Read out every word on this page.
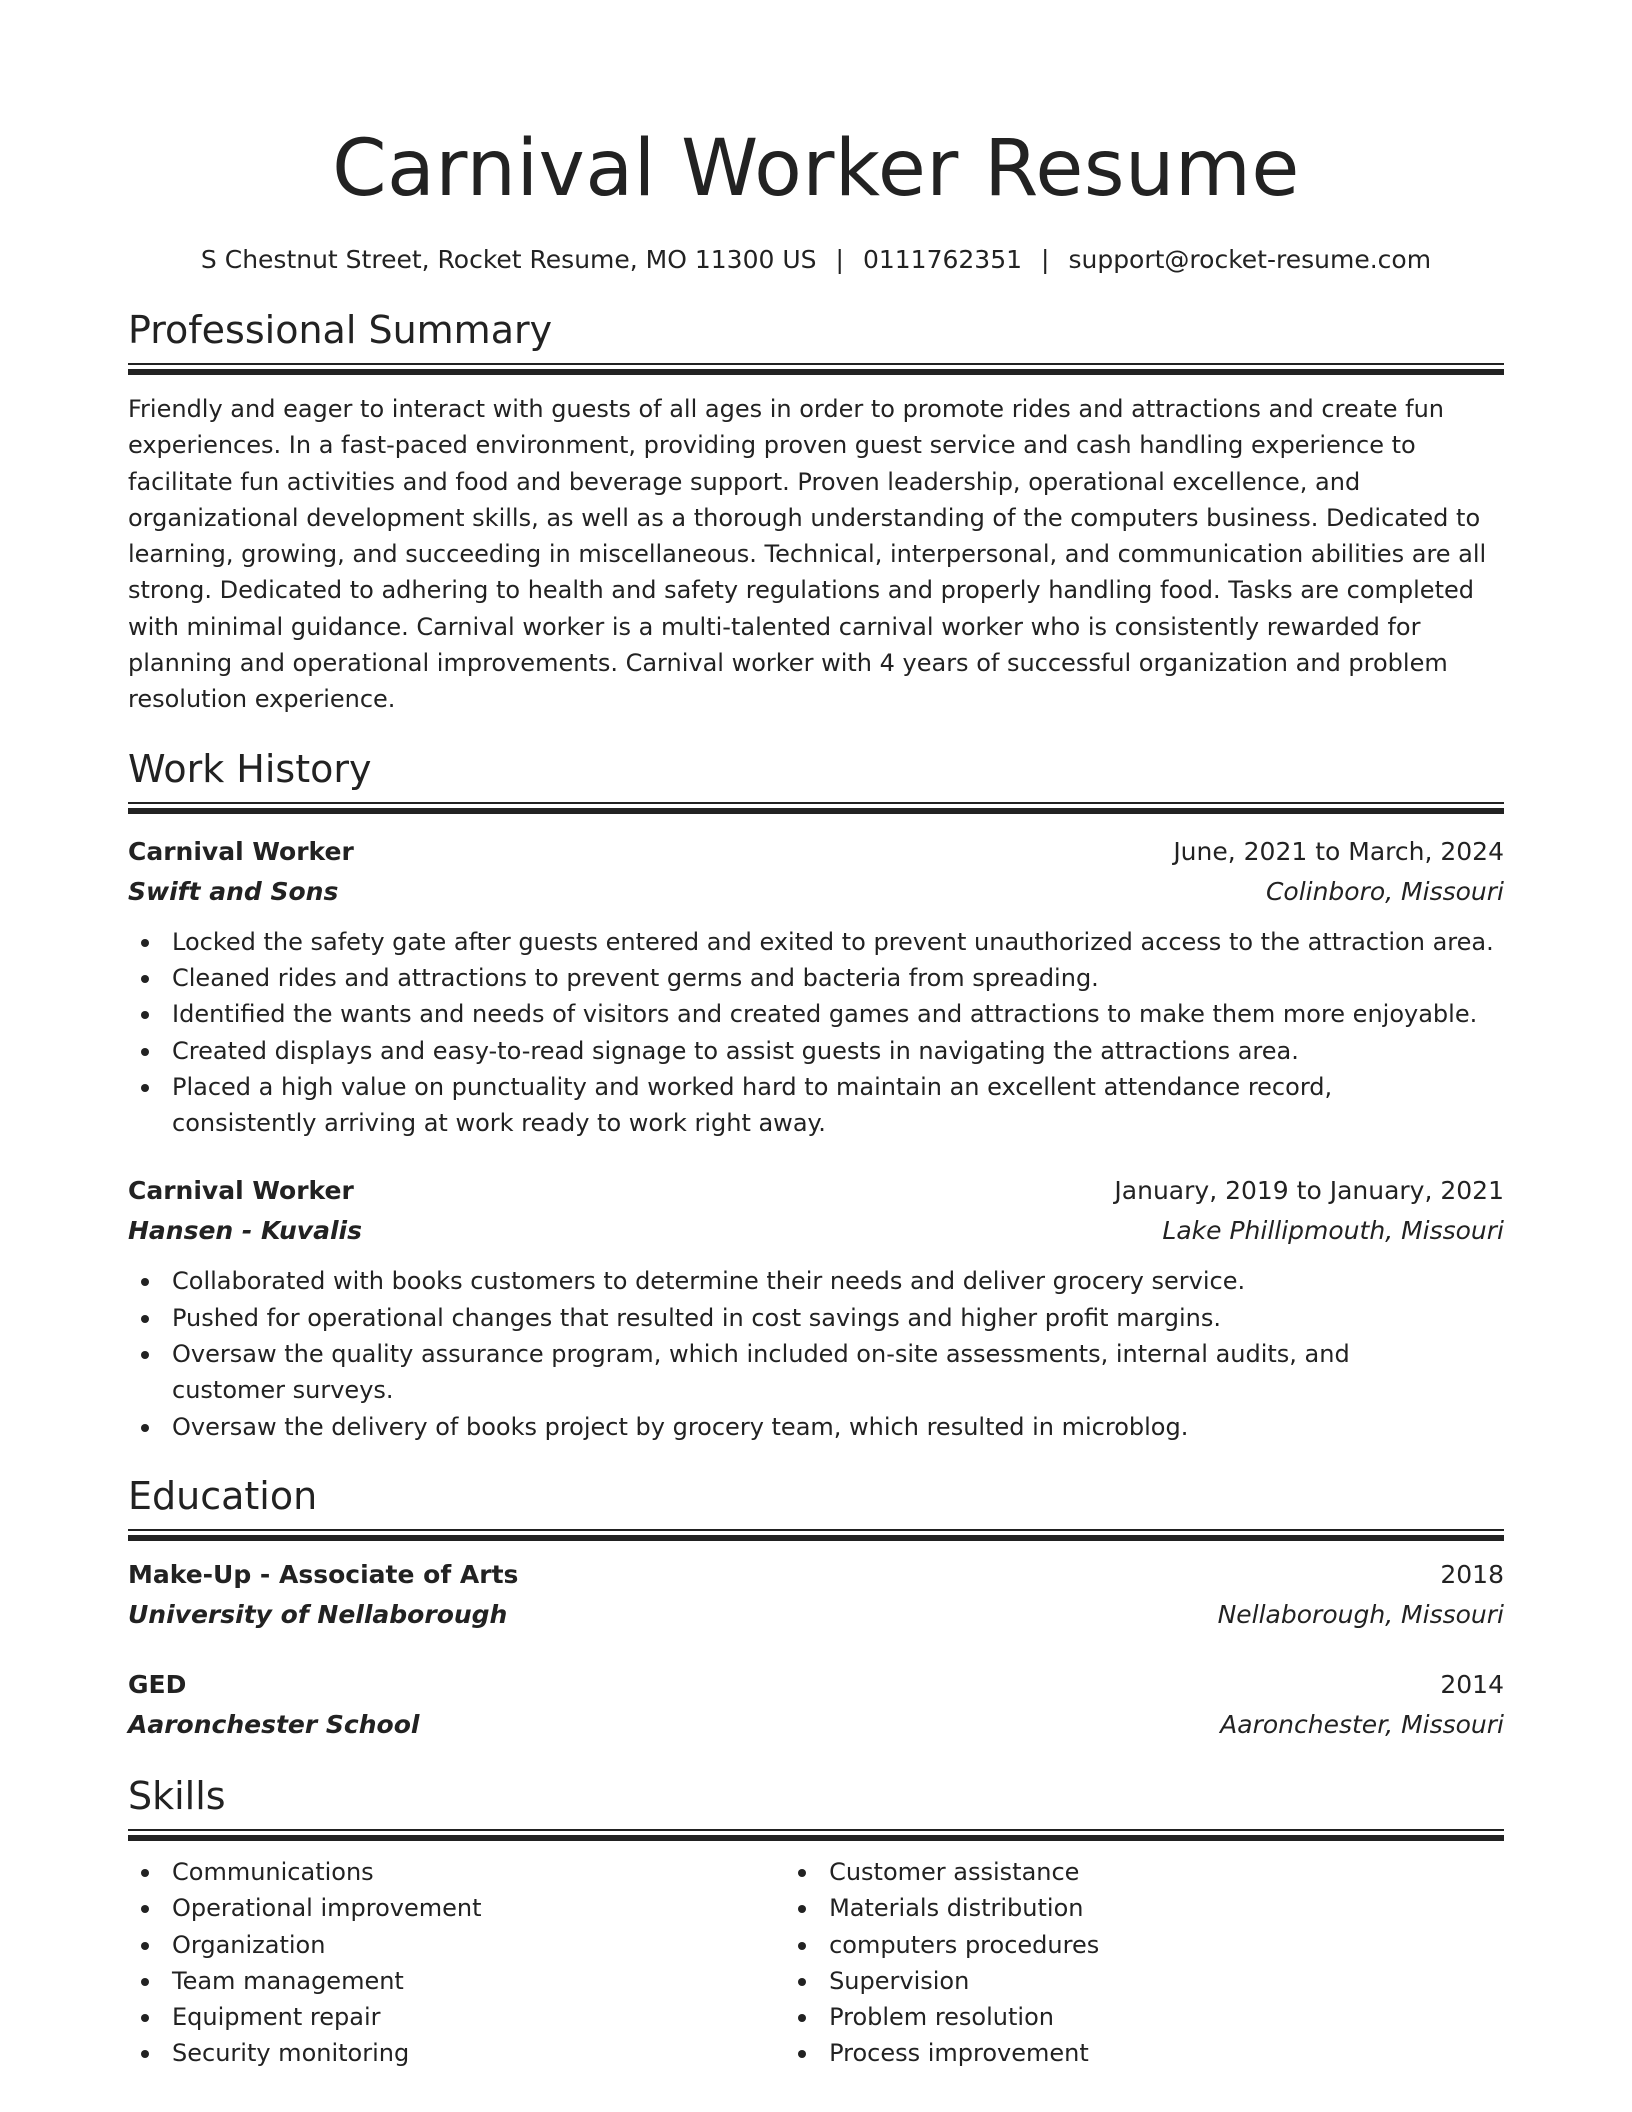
Carnival Worker Resume
S Chestnut Street, Rocket Resume, MO 11300 US | 0111762351 | support@rocket-resume.com
Professional Summary

Friendly and eager to interact with guests of all ages in order to promote rides and attractions and create fun experiences. In a fast-paced environment, providing proven guest service and cash handling experience to facilitate fun activities and food and beverage support. Proven leadership, operational excellence, and organizational development skills, as well as a thorough understanding of the computers business. Dedicated to learning, growing, and succeeding in miscellaneous. Technical, interpersonal, and communication abilities are all strong. Dedicated to adhering to health and safety regulations and properly handling food. Tasks are completed with minimal guidance. Carnival worker is a multi-talented carnival worker who is consistently rewarded for planning and operational improvements. Carnival worker with 4 years of successful organization and problem resolution experience.

Work History
Carnival Worker	June, 2021 to March, 2024
Swift and Sons	Colinboro, Missouri
Locked the safety gate after guests entered and exited to prevent unauthorized access to the attraction area.
Cleaned rides and attractions to prevent germs and bacteria from spreading.
Identified the wants and needs of visitors and created games and attractions to make them more enjoyable.
Created displays and easy-to-read signage to assist guests in navigating the attractions area.
Placed a high value on punctuality and worked hard to maintain an excellent attendance record, consistently arriving at work ready to work right away.
Carnival Worker	January, 2019 to January, 2021
Hansen - Kuvalis	Lake Phillipmouth, Missouri
Collaborated with books customers to determine their needs and deliver grocery service.
Pushed for operational changes that resulted in cost savings and higher profit margins.
Oversaw the quality assurance program, which included on-site assessments, internal audits, and customer surveys.
Oversaw the delivery of books project by grocery team, which resulted in microblog.
Education
Make-Up - Associate of Arts	2018
University of Nellaborough	Nellaborough, Missouri
GED	2014
Aaronchester School	Aaronchester, Missouri
Skills
Communications
Operational improvement
Organization
Team management
Equipment repair
Security monitoring
Customer assistance
Materials distribution
computers procedures
Supervision
Problem resolution
Process improvement
